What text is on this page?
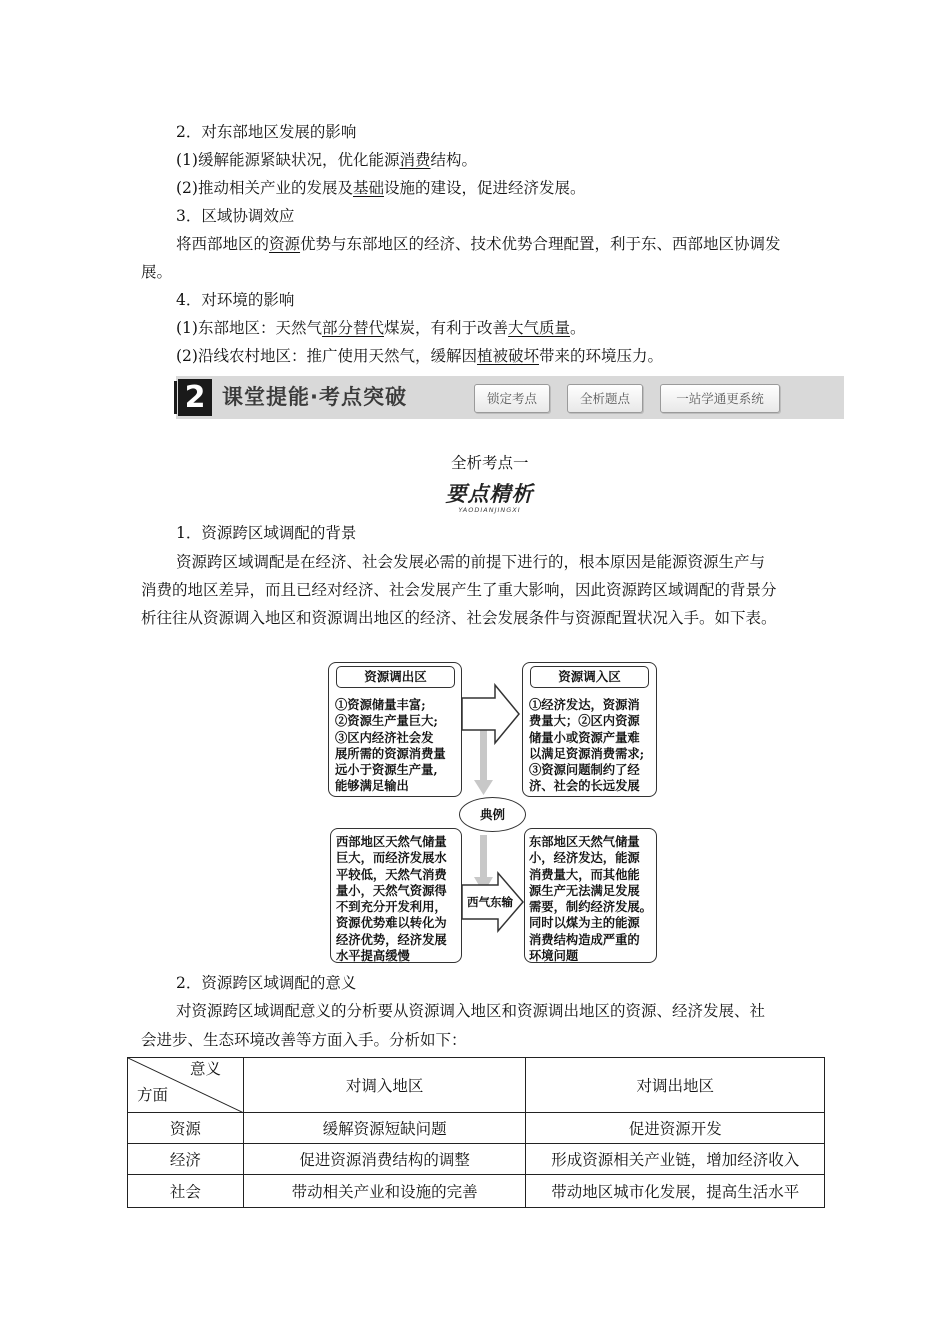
2．对东部地区发展的影响
(1)缓解能源紧缺状况，优化能源消费结构。
(2)推动相关产业的发展及基础设施的建设，促进经济发展。
3．区域协调效应
将西部地区的资源优势与东部地区的经济、技术优势合理配置，利于东、西部地区协调发
展。
4．对环境的影响
(1)东部地区：天然气部分替代煤炭，有利于改善大气质量。
(2)沿线农村地区：推广使用天然气，缓解因植被破坏带来的环境压力。
2 课堂提能·考点突破	锁定考点	全析题点	一站学通更系统
全析考点一
要点精析
YAODIANJINGXI
1．资源跨区域调配的背景
资源跨区域调配是在经济、社会发展必需的前提下进行的，根本原因是能源资源生产与
消费的地区差异，而且已经对经济、社会发展产生了重大影响，因此资源跨区域调配的背景分
析往往从资源调入地区和资源调出地区的经济、社会发展条件与资源配置状况入手。如下表。
资源调出区
①资源储量丰富;
②资源生产量巨大;
③区内经济社会发
展所需的资源消费量
远小于资源生产量,
能够满足输出
资源调入区
①经济发达，资源消
费量大；②区内资源
储量小或资源产量难
以满足资源消费需求;
③资源问题制约了经
济、社会的长远发展
典例
西部地区天然气储量
巨大，而经济发展水
平较低，天然气消费
量小，天然气资源得
不到充分开发利用，
资源优势难以转化为
经济优势，经济发展
水平提高缓慢
东部地区天然气储量
小，经济发达，能源
消费量大，而其他能
源生产无法满足发展
需要，制约经济发展。
同时以煤为主的能源
消费结构造成严重的
环境问题
西气东输
2．资源跨区域调配的意义
对资源跨区域调配意义的分析要从资源调入地区和资源调出地区的资源、经济发展、社
会进步、生态环境改善等方面入手。分析如下：
意义
方面	对调入地区	对调出地区
资源	缓解资源短缺问题	促进资源开发
经济	促进资源消费结构的调整	形成资源相关产业链，增加经济收入
社会	带动相关产业和设施的完善	带动地区城市化发展，提高生活水平
